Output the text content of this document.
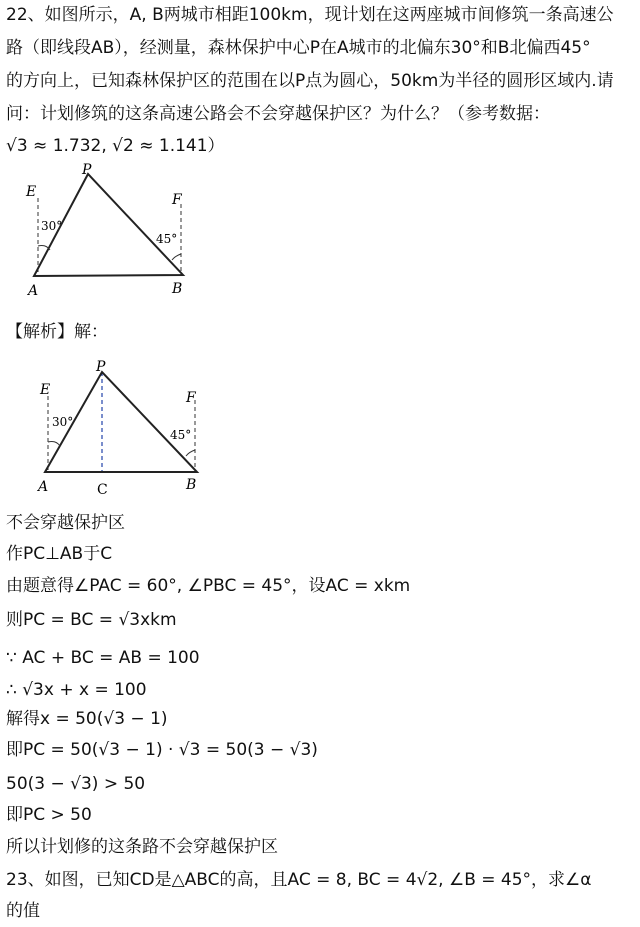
22、如图所示，A, B两城市相距100km，现计划在这两座城市间修筑一条高速公
路（即线段AB），经测量，森林保护中心P在A城市的北偏东30°和B北偏西45°
的方向上，已知森林保护区的范围在以P点为圆心，50km为半径的圆形区域内.请
问：计划修筑的这条高速公路会不会穿越保护区？为什么？（参考数据：
√3 ≈ 1.732, √2 ≈ 1.141）
E
P
F
30°
45°
A	B
【解析】解：
E
P
F
30°
45°
A	C	B
不会穿越保护区
作PC⊥AB于C
由题意得∠PAC = 60°, ∠PBC = 45°，设AC = xkm
则PC = BC = √3xkm
∵ AC + BC = AB = 100
∴ √3x + x = 100
解得x = 50(√3 − 1)
即PC = 50(√3 − 1) · √3 = 50(3 − √3)
50(3 − √3) > 50
即PC > 50
所以计划修的这条路不会穿越保护区
23、如图，已知CD是△ABC的高，且AC = 8, BC = 4√2, ∠B = 45°，求∠α
的值
